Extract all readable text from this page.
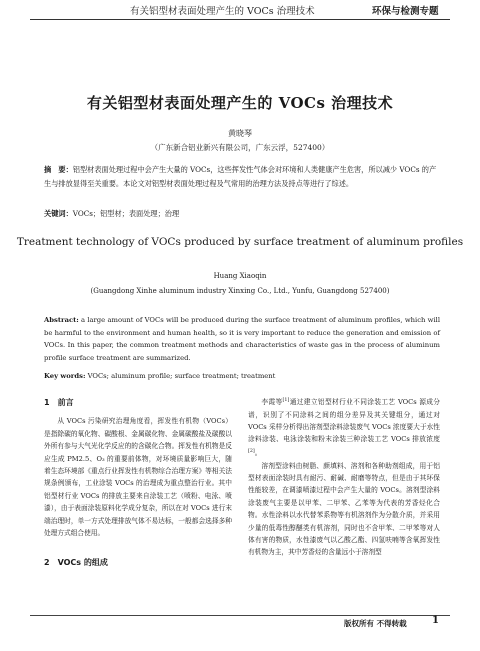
有关铝型材表面处理产生的 VOCs 治理技术	环保与检测专题
有关铝型材表面处理产生的 VOCs 治理技术
黄晓琴
（广东新合铝业新兴有限公司，广东云浮，527400）
摘　要：铝型材表面处理过程中会产生大量的 VOCs，这些挥发性气体会对环境和人类健康产生危害，所以减少 VOCs 的产生与排放显得至关重要。本论文对铝型材表面处理过程及气常用的治理方法及持点等进行了综述。
关键词：VOCs；铝型材；表面处理；治理
Treatment technology of VOCs produced by surface treatment of aluminum profiles
Huang Xiaoqin
(Guangdong Xinhe aluminum industry Xinxing Co., Ltd., Yunfu, Guangdong 527400)
Abstract: a large amount of VOCs will be produced during the surface treatment of aluminum profiles, which will be harmful to the environment and human health, so it is very important to reduce the generation and emission of VOCs. In this paper, the common treatment methods and characteristics of waste gas in the process of aluminum profile surface treatment are summarized.
Key words: VOCs; aluminum profile; surface treatment; treatment
1　前言

从 VOCs 污染研究治理角度看，挥发性有机物（VOCs）是指除碳的氧化物、碳酸根、金属碳化物、金属碳酸盐及碳酸以外所有参与大气光化学反应的的含碳化合物。挥发性有机物是反应生成 PM2.5、O₃ 的重要前体物，对环境质量影响巨大，随着生态环境部《重点行业挥发性有机物综合治理方案》等相关法规条例颁布，工业涂装 VOCs 的治理成为重点整治行业。其中铝型材行业 VOCs 的排放主要来自涂装工艺（喷粉、电泳、喷漆），由于表面涂装原料化学成分复杂，所以在对 VOCs 进行末端治理时，单一方式处理排放气体不易达标，一般都会选择多种处理方式组合使用。

2　VOCs 的组成

李霞等[1]通过建立铝型材行业不同涂装工艺 VOCs 源成分谱，识别了不同涂料之间的组分差异及其关键组分，通过对 VOCs 采样分析得出溶剂型涂料涂装废气 VOCs 浓度要大于水性涂料涂装、电泳涂装和粉末涂装三种涂装工艺 VOCs 排放浓度[2]。

溶剂型涂料由树脂、颜填料、溶剂和各种助剂组成，用于铝型材表面涂装时具有耐污、耐碱、耐磨等特点，但是由于其环保性能较差，在调漆喷漆过程中会产生大量的 VOCs。溶剂型涂料涂装废气主要是以甲苯、二甲苯、乙苯等为代表的芳香烃化合物。水性涂料以水代替苯系物等有机溶剂作为分散介质，并采用少量的低毒性醇醚类有机溶剂，同时也不含甲苯、二甲苯等对人体有害的物质，水性漆废气以乙酸乙酯、四氢呋喃等含氧挥发性有机物为主，其中芳香烃的含量远小于溶剂型

版权所有 不得转载	1
